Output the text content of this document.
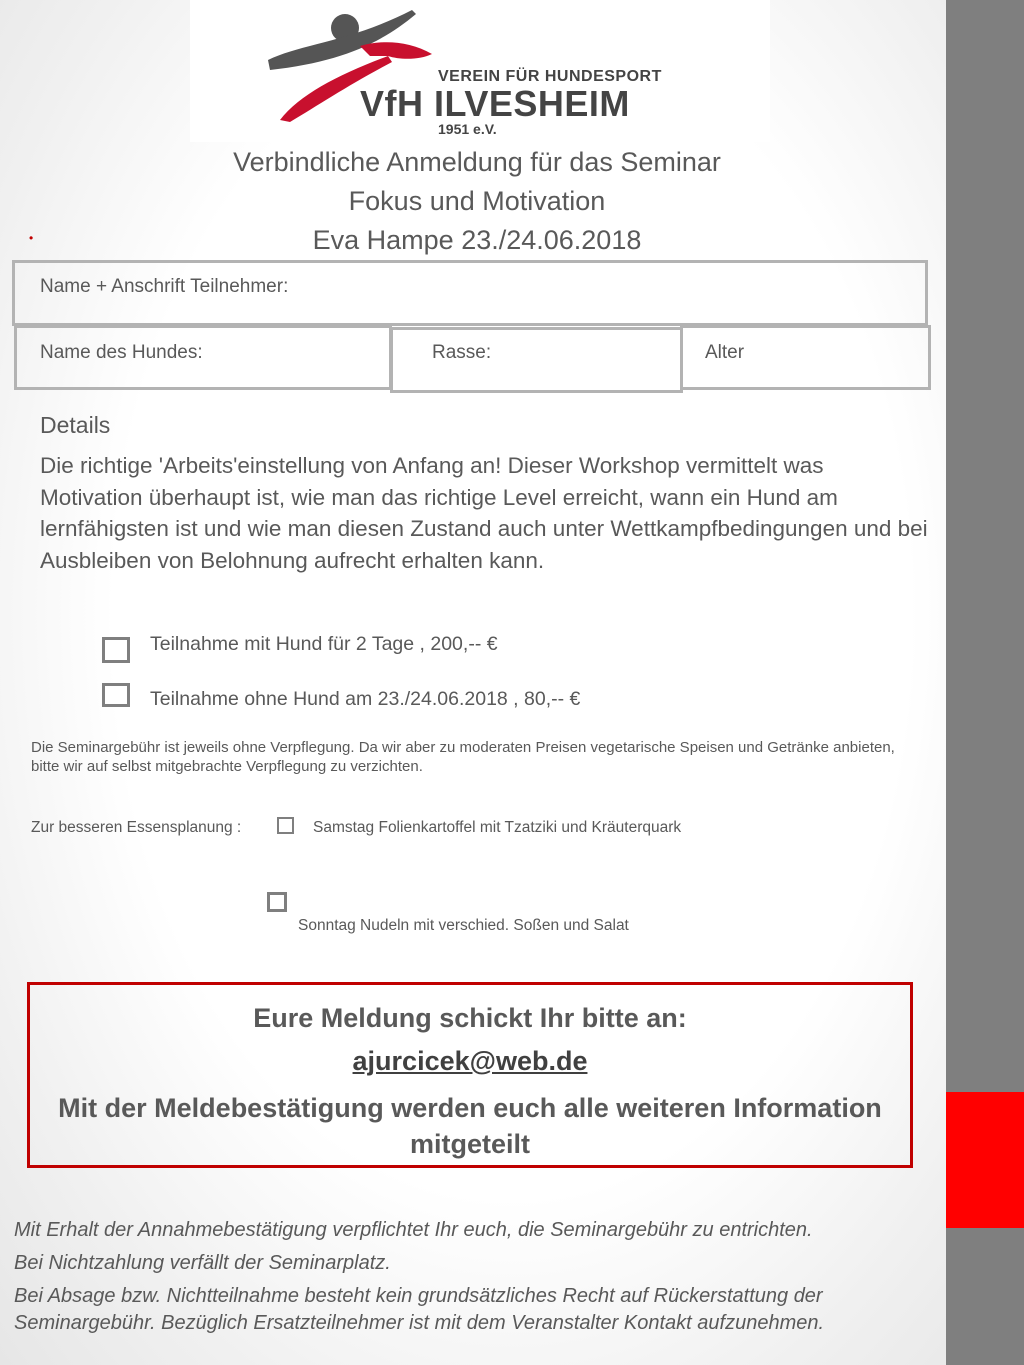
VEREIN FÜR HUNDESPORT
VfH ILVESHEIM
1951 e.V.
Verbindliche Anmeldung für das Seminar
Fokus und Motivation
Eva Hampe 23./24.06.2018
•
Name + Anschrift Teilnehmer:
Name des Hundes:	Rasse:	Alter
Details
Die richtige 'Arbeits'einstellung von Anfang an! Dieser Workshop vermittelt was Motivation überhaupt ist, wie man das richtige Level erreicht, wann ein Hund am lernfähigsten ist und wie man diesen Zustand auch unter Wettkampfbedingungen und bei Ausbleiben von Belohnung aufrecht erhalten kann.
Teilnahme mit Hund für 2 Tage , 200,-- €
Teilnahme ohne Hund am 23./24.06.2018 , 80,-- €
Die Seminargebühr ist jeweils ohne Verpflegung. Da wir aber zu moderaten Preisen vegetarische Speisen und Getränke anbieten, bitte wir auf selbst mitgebrachte Verpflegung zu verzichten.
Zur besseren Essensplanung :	Samstag Folienkartoffel mit Tzatziki und Kräuterquark
Sonntag Nudeln mit verschied. Soßen und Salat
Eure Meldung schickt Ihr bitte an:
ajurcicek@web.de
Mit der Meldebestätigung werden euch alle weiteren Information mitgeteilt
Mit Erhalt der Annahmebestätigung verpflichtet Ihr euch, die Seminargebühr zu entrichten.
Bei Nichtzahlung verfällt der Seminarplatz.
Bei Absage bzw. Nichtteilnahme besteht kein grundsätzliches Recht auf Rückerstattung der Seminargebühr. Bezüglich Ersatzteilnehmer ist mit dem Veranstalter Kontakt aufzunehmen.
